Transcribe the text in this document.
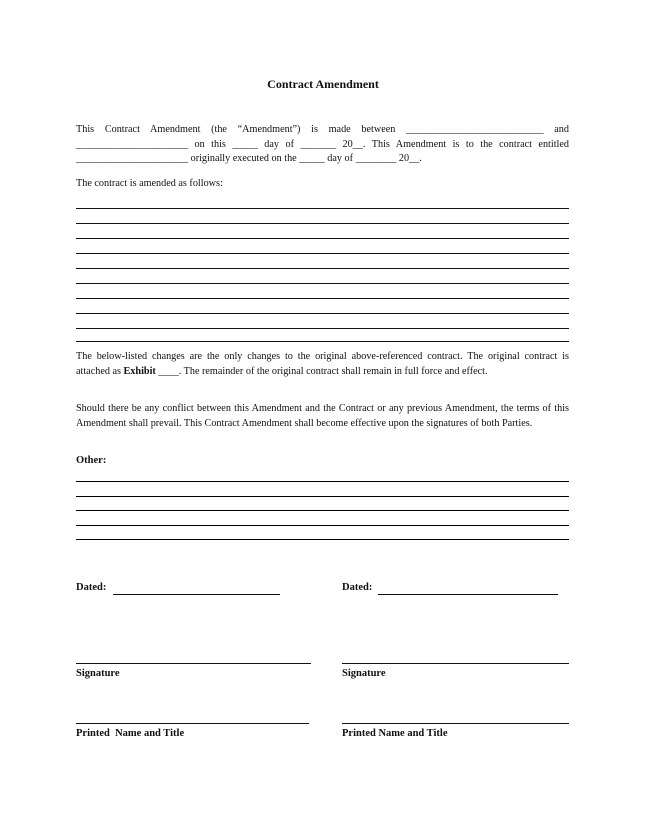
Contract Amendment
This Contract Amendment (the “Amendment”) is made between ___________________________ and ______________________ on this _____ day of _______ 20__. This Amendment is to the contract entitled ______________________ originally executed on the _____ day of ________ 20__.
The contract is amended as follows:
The below-listed changes are the only changes to the original above-referenced contract. The original contract is attached as Exhibit ____. The remainder of the original contract shall remain in full force and effect.
Should there be any conflict between this Amendment and the Contract or any previous Amendment, the terms of this Amendment shall prevail. This Contract Amendment shall become effective upon the signatures of both Parties.
Other:
Dated:	Dated:
Signature	Signature
Printed  Name and Title	Printed Name and Title
